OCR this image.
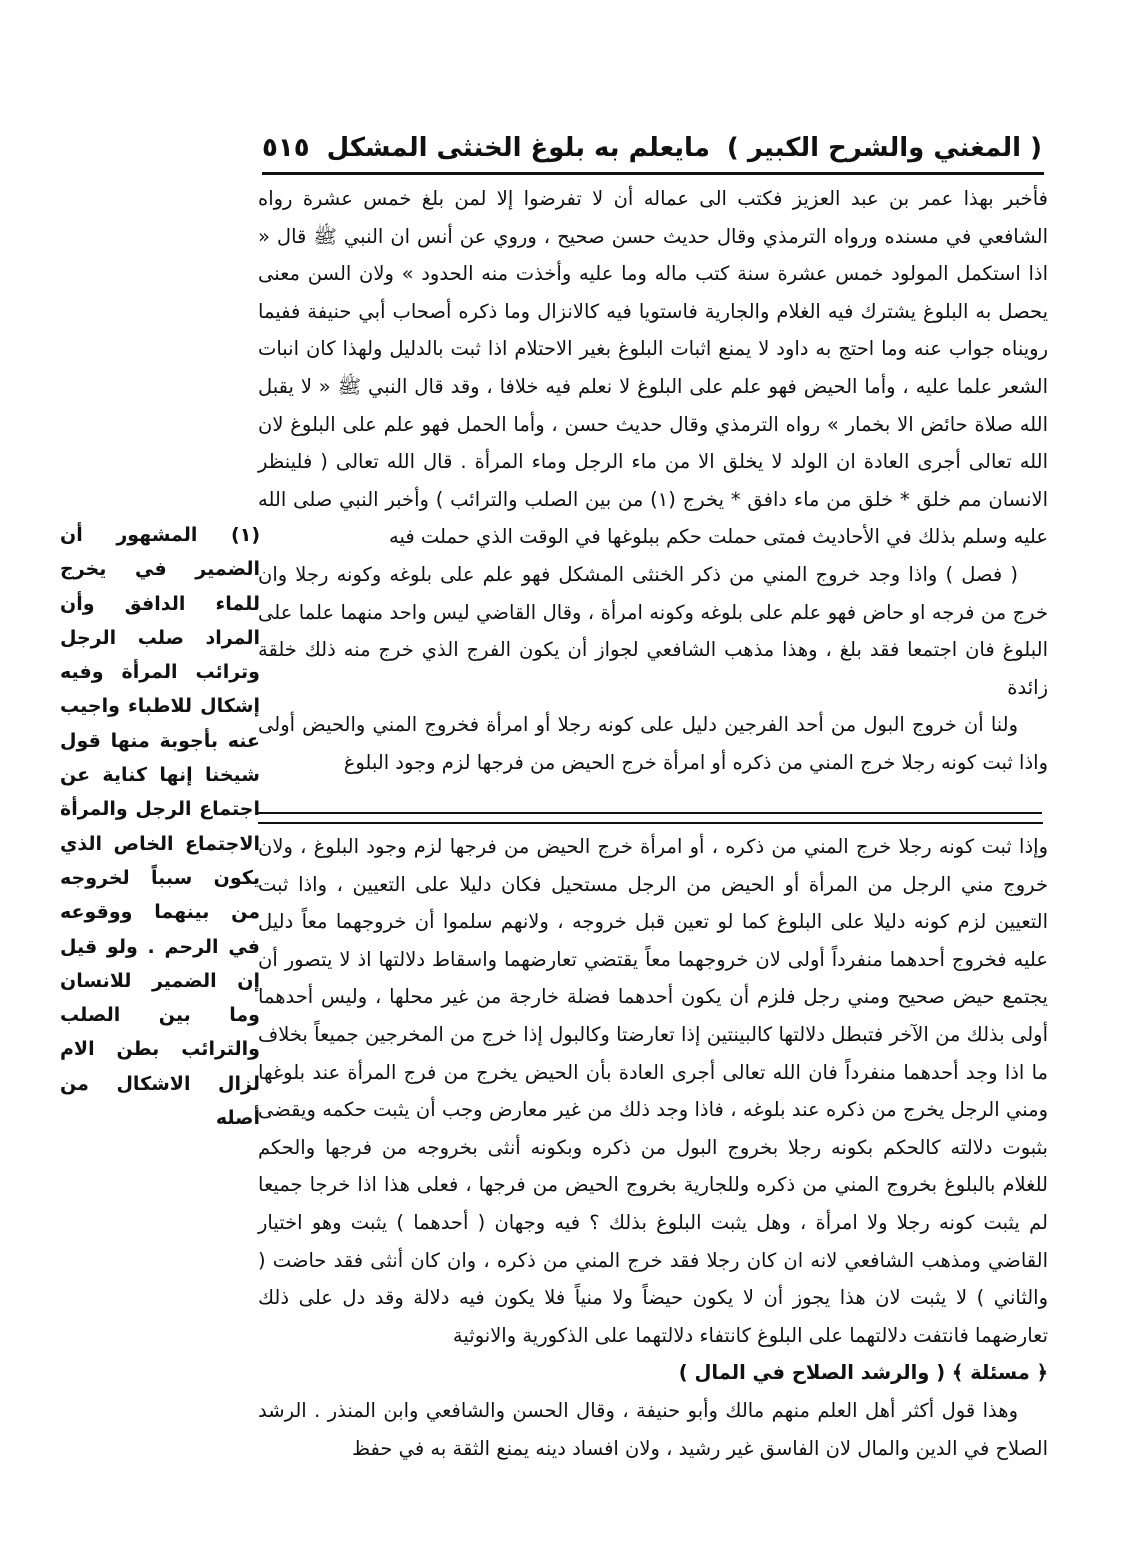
( المغني والشرح الكبير )
مايعلم به بلوغ الخنثى المشكل
٥١٥

فأخبر بهذا عمر بن عبد العزيز فكتب الى عماله أن لا تفرضوا إلا لمن بلغ خمس عشرة رواه الشافعي في مسنده ورواه الترمذي وقال حديث حسن صحيح ، وروي عن أنس ان النبي ﷺ قال « اذا استكمل المولود خمس عشرة سنة كتب ماله وما عليه وأخذت منه الحدود » ولان السن معنى يحصل به البلوغ يشترك فيه الغلام والجارية فاستويا فيه كالانزال وما ذكره أصحاب أبي حنيفة ففيما رويناه جواب عنه وما احتج به داود لا يمنع اثبات البلوغ بغير الاحتلام اذا ثبت بالدليل ولهذا كان انبات الشعر علما عليه ، وأما الحيض فهو علم على البلوغ لا نعلم فيه خلافا ، وقد قال النبي ﷺ « لا يقبل الله صلاة حائض الا بخمار » رواه الترمذي وقال حديث حسن ، وأما الحمل فهو علم على البلوغ لان الله تعالى أجرى العادة ان الولد لا يخلق الا من ماء الرجل وماء المرأة . قال الله تعالى ( فلينظر الانسان مم خلق * خلق من ماء دافق * يخرج (١) من بين الصلب والترائب ) وأخبر النبي صلى الله عليه وسلم بذلك في الأحاديث فمتى حملت حكم ببلوغها في الوقت الذي حملت فيه

( فصل ) واذا وجد خروج المني من ذكر الخنثى المشكل فهو علم على بلوغه وكونه رجلا وان خرج من فرجه او حاض فهو علم على بلوغه وكونه امرأة ، وقال القاضي ليس واحد منهما علما على البلوغ فان اجتمعا فقد بلغ ، وهذا مذهب الشافعي لجواز أن يكون الفرج الذي خرج منه ذلك خلقة زائدة

ولنا أن خروج البول من أحد الفرجين دليل على كونه رجلا أو امرأة فخروج المني والحيض أولى واذا ثبت كونه رجلا خرج المني من ذكره أو امرأة خرج الحيض من فرجها لزم وجود البلوغ

وإذا ثبت كونه رجلا خرج المني من ذكره ، أو امرأة خرج الحيض من فرجها لزم وجود البلوغ ، ولان خروج مني الرجل من المرأة أو الحيض من الرجل مستحيل فكان دليلا على التعيين ، واذا ثبت التعيين لزم كونه دليلا على البلوغ كما لو تعين قبل خروجه ، ولانهم سلموا أن خروجهما معاً دليل عليه فخروج أحدهما منفرداً أولى لان خروجهما معاً يقتضي تعارضهما واسقاط دلالتها اذ لا يتصور أن يجتمع حيض صحيح ومني رجل فلزم أن يكون أحدهما فضلة خارجة من غير محلها ، وليس أحدهما أولى بذلك من الآخر فتبطل دلالتها كالبينتين إذا تعارضتا وكالبول إذا خرج من المخرجين جميعاً بخلاف ما اذا وجد أحدهما منفرداً فان الله تعالى أجرى العادة بأن الحيض يخرج من فرج المرأة عند بلوغها ومني الرجل يخرج من ذكره عند بلوغه ، فاذا وجد ذلك من غير معارض وجب أن يثبت حكمه ويقضى بثبوت دلالته كالحكم بكونه رجلا بخروج البول من ذكره وبكونه أنثى بخروجه من فرجها والحكم للغلام بالبلوغ بخروج المني من ذكره وللجارية بخروج الحيض من فرجها ، فعلى هذا اذا خرجا جميعا لم يثبت كونه رجلا ولا امرأة ، وهل يثبت البلوغ بذلك ؟ فيه وجهان ( أحدهما ) يثبت وهو اختيار القاضي ومذهب الشافعي لانه ان كان رجلا فقد خرج المني من ذكره ، وان كان أنثى فقد حاضت ( والثاني ) لا يثبت لان هذا يجوز أن لا يكون حيضاً ولا منياً فلا يكون فيه دلالة وقد دل على ذلك تعارضهما فانتفت دلالتهما على البلوغ كانتفاء دلالتهما على الذكورية والانوثية

﴿ مسئلة ﴾ ( والرشد الصلاح في المال )

وهذا قول أكثر أهل العلم منهم مالك وأبو حنيفة ، وقال الحسن والشافعي وابن المنذر . الرشد الصلاح في الدين والمال لان الفاسق غير رشيد ، ولان افساد دينه يمنع الثقة به في حفظ

(١) المشهور أن الضمير في يخرج للماء الدافق وأن المراد صلب الرجل وترائب المرأة وفيه إشكال للاطباء واجيب عنه بأجوبة منها قول شيخنا إنها كناية عن اجتماع الرجل والمرأة الاجتماع الخاص الذي يكون سبباً لخروجه من بينهما ووقوعه في الرحم . ولو قيل إن الضمير للانسان وما بين الصلب والترائب بطن الام لزال الاشكال من أصله
